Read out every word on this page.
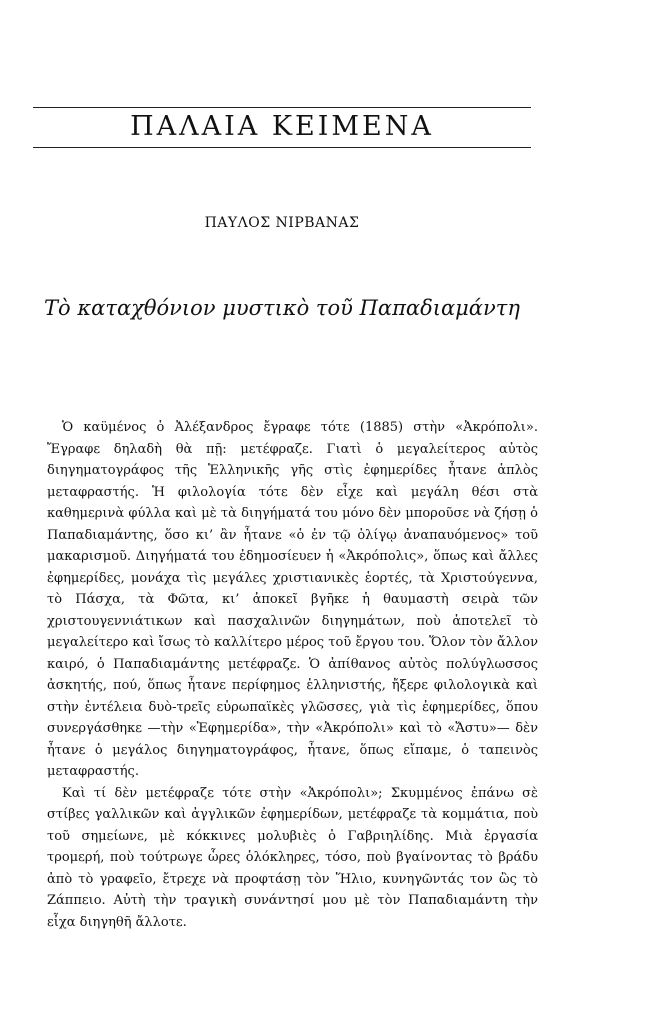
ΠΑΛΑΙΑ ΚΕΙΜΕΝΑ
ΠΑΥΛΟΣ ΝΙΡΒΑΝΑΣ
Τὸ καταχθόνιον μυστικὸ τοῦ Παπαδιαμάντη

Ὁ καϋμένος ὁ Ἀλέξανδρος ἔγραφε τότε (1885) στὴν «Ἀκρόπολι». Ἔγραφε δηλαδὴ θὰ πῇ: μετέφραζε. Γιατὶ ὁ μεγαλείτερος αὐτὸς διηγηματογράφος τῆς Ἑλληνικῆς γῆς στὶς ἐφημερίδες ἦτανε ἁπλὸς μεταφραστής. Ἡ φιλολογία τότε δὲν εἶχε καὶ μεγάλη θέσι στὰ καθημερινὰ φύλλα καὶ μὲ τὰ διηγήματά του μόνο δὲν μποροῦσε νὰ ζήσῃ ὁ Παπαδιαμάντης, ὅσο κι’ ἂν ἦτανε «ὁ ἐν τῷ ὀλίγῳ ἀναπαυόμενος» τοῦ μακαρισμοῦ. Διηγήματά του ἐδημοσίευεν ἡ «Ἀκρόπολις», ὅπως καὶ ἄλλες ἐφημερίδες, μονάχα τὶς μεγάλες χριστιανικὲς ἑορτές, τὰ Χριστούγεννα, τὸ Πάσχα, τὰ Φῶτα, κι’ ἀποκεῖ βγῆκε ἡ θαυμαστὴ σειρὰ τῶν χριστουγεννιάτικων καὶ πασχαλινῶν διηγημάτων, ποὺ ἀποτελεῖ τὸ μεγαλείτερο καὶ ἴσως τὸ καλλίτερο μέρος τοῦ ἔργου του. Ὅλον τὸν ἄλλον καιρό, ὁ Παπαδιαμάντης μετέφραζε. Ὁ ἀπίθανος αὐτὸς πολύγλωσσος ἀσκητής, πού, ὅπως ἦτανε περίφημος ἑλληνιστής, ἤξερε φιλολογικὰ καὶ στὴν ἐντέλεια δυὸ-τρεῖς εὐρωπαϊκὲς γλῶσσες, γιὰ τὶς ἐφημερίδες, ὅπου συνεργάσθηκε —τὴν «Ἐφημερίδα», τὴν «Ἀκρόπολι» καὶ τὸ «Ἄστυ»— δὲν ἦτανε ὁ μεγάλος διηγηματογράφος, ἦτανε, ὅπως εἴπαμε, ὁ ταπεινὸς μεταφραστής.

Καὶ τί δὲν μετέφραζε τότε στὴν «Ἀκρόπολι»; Σκυμμένος ἐπάνω σὲ στίβες γαλλικῶν καὶ ἀγγλικῶν ἐφημερίδων, μετέφραζε τὰ κομμάτια, ποὺ τοῦ σημείωνε, μὲ κόκκινες μολυβιὲς ὁ Γαβριηλίδης. Μιὰ ἐργασία τρομερή, ποὺ τούτρωγε ὧρες ὁλόκληρες, τόσο, ποὺ βγαίνοντας τὸ βράδυ ἀπὸ τὸ γραφεῖο, ἔτρεχε νὰ προφτάσῃ τὸν Ἥλιο, κυνηγῶντάς τον ὣς τὸ Ζάππειο. Αὐτὴ τὴν τραγικὴ συνάντησί μου μὲ τὸν Παπαδιαμάντη τὴν εἶχα διηγηθῆ ἄλλοτε.
